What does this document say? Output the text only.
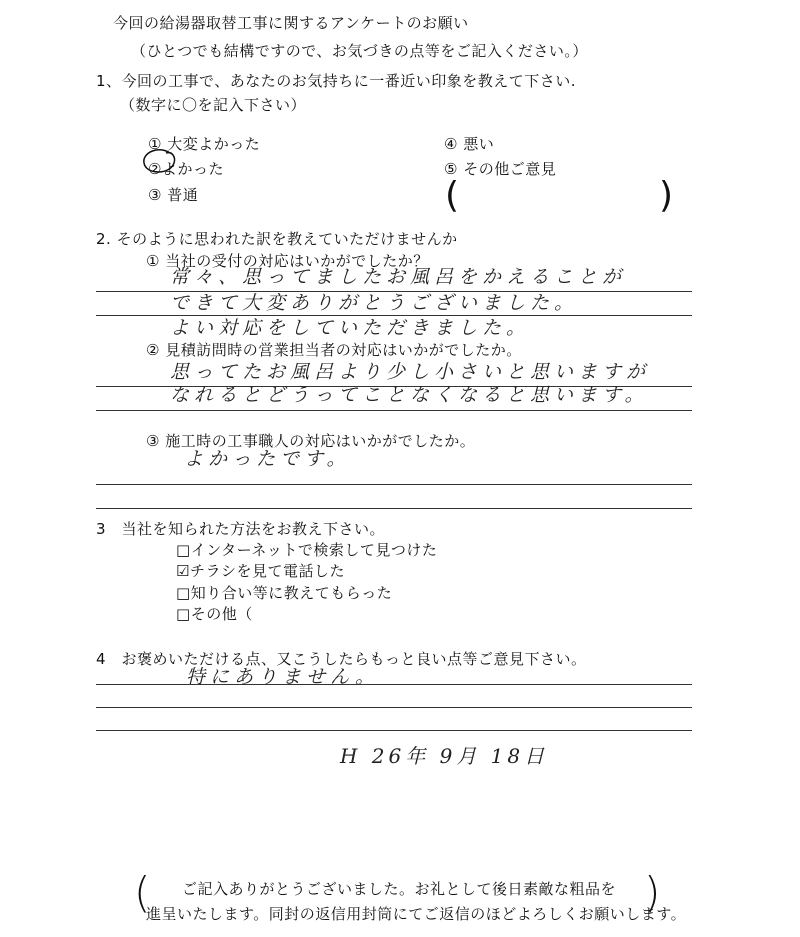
今回の給湯器取替工事に関するアンケートのお願い
（ひとつでも結構ですので、お気づきの点等をご記入ください。）
1、今回の工事で、あなたのお気持ちに一番近い印象を教えて下さい.
（数字に〇を記入下さい）
① 大変よかった
②よかった
③ 普通
④ 悪い
⑤ その他ご意見
(	)
2. そのように思われた訳を教えていただけませんか
① 当社の受付の対応はいかがでしたか？
常々、思ってましたお風呂をかえることが
できて大変ありがとうございました。
よい対応をしていただきました。
② 見積訪問時の営業担当者の対応はいかがでしたか。
思ってたお風呂より少し小さいと思いますが
なれるとどうってことなくなると思います。
③ 施工時の工事職人の対応はいかがでしたか。
よかったです。
3　当社を知られた方法をお教え下さい。
□インターネットで検索して見つけた
☑チラシを見て電話した
□知り合い等に教えてもらった
□その他（
4　お褒めいただける点、又こうしたらもっと良い点等ご意見下さい。
特にありません。
H 26年 9月 18日
( ご記入ありがとうございました。お礼として後日素敵な粗品を
進呈いたします。同封の返信用封筒にてご返信のほどよろしくお願いします。
)
